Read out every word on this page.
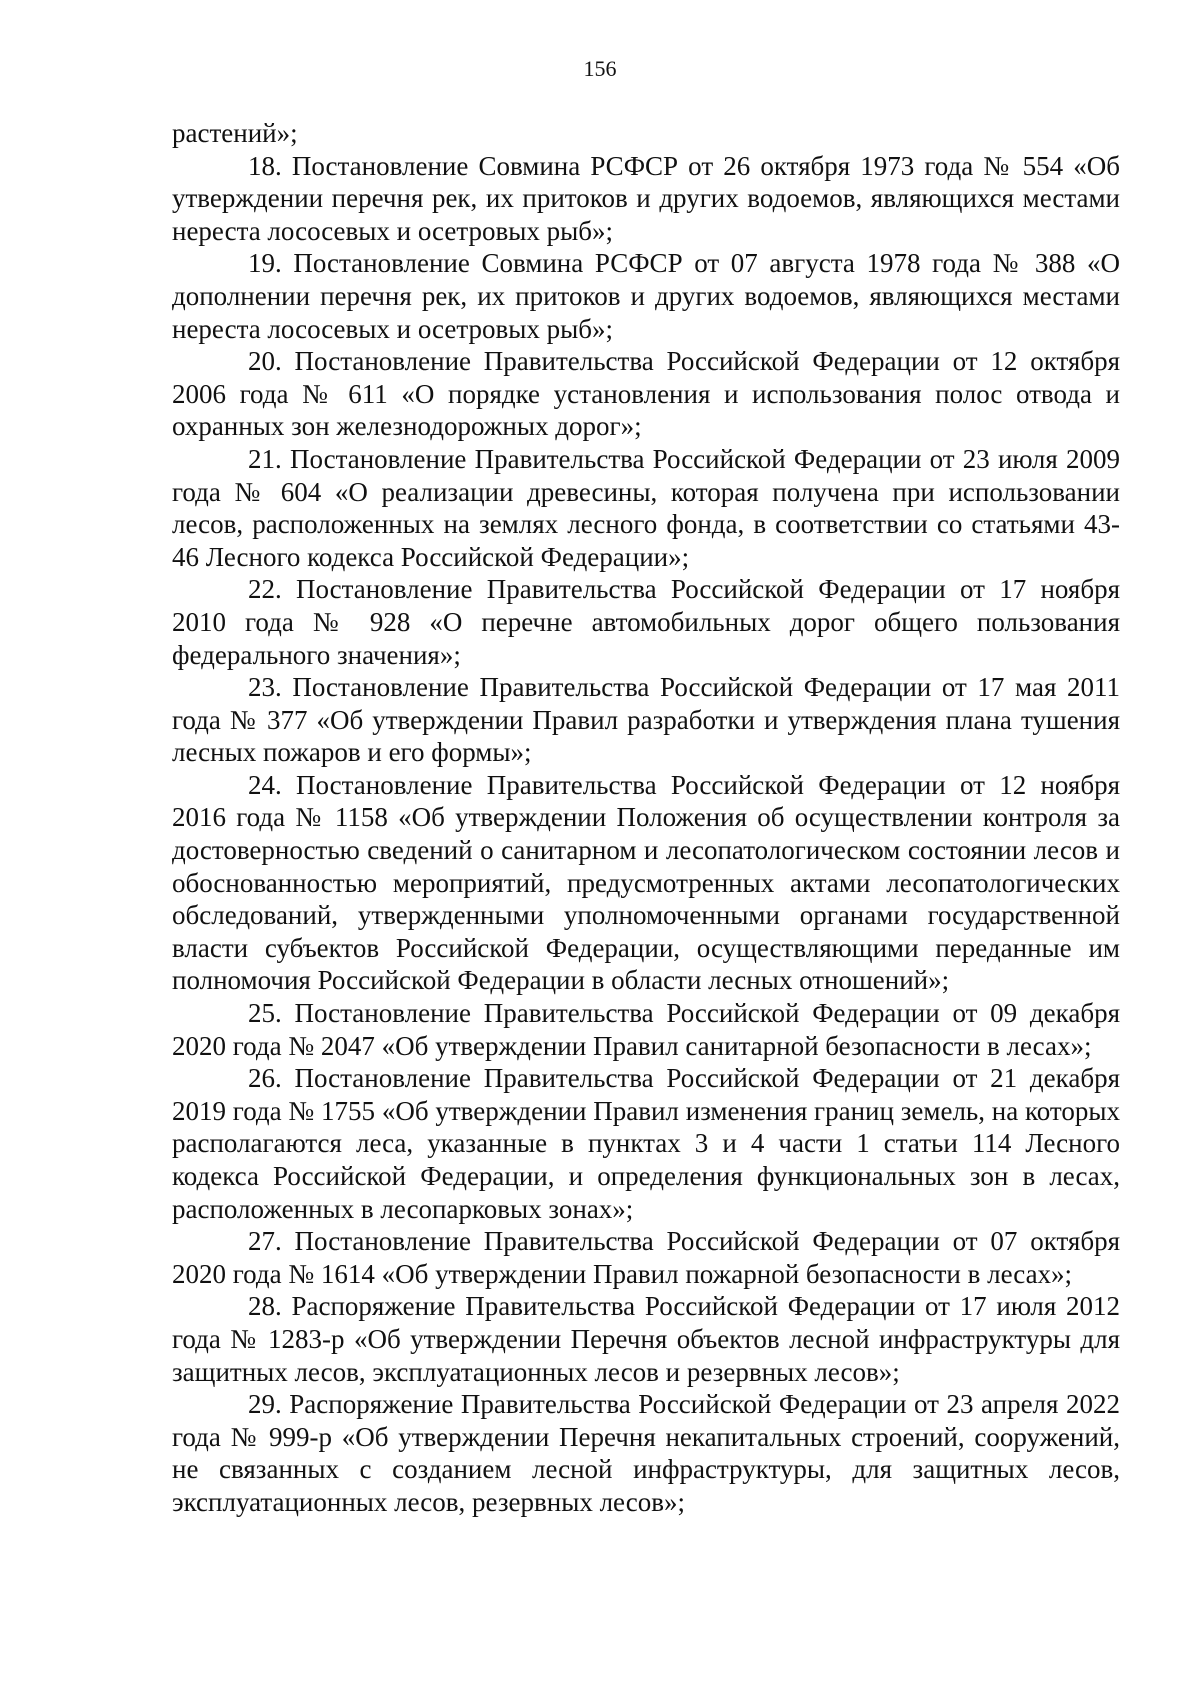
156

растений»;

18. Постановление Совмина РСФСР от 26 октября 1973 года № 554 «Об утверждении перечня рек, их притоков и других водоемов, являющихся местами нереста лососевых и осетровых рыб»;

19. Постановление Совмина РСФСР от 07 августа 1978 года № 388 «О дополнении перечня рек, их притоков и других водоемов, являющихся местами нереста лососевых и осетровых рыб»;

20. Постановление Правительства Российской Федерации от 12 октября 2006 года № 611 «О порядке установления и использования полос отвода и охранных зон железнодорожных дорог»;

21. Постановление Правительства Российской Федерации от 23 июля 2009 года № 604 «О реализации древесины, которая получена при использовании лесов, расположенных на землях лесного фонда, в соответствии со статьями 43-46 Лесного кодекса Российской Федерации»;

22. Постановление Правительства Российской Федерации от 17 ноября 2010 года № 928 «О перечне автомобильных дорог общего пользования федерального значения»;

23. Постановление Правительства Российской Федерации от 17 мая 2011 года № 377 «Об утверждении Правил разработки и утверждения плана тушения лесных пожаров и его формы»;

24. Постановление Правительства Российской Федерации от 12 ноября 2016 года № 1158 «Об утверждении Положения об осуществлении контроля за достоверностью сведений о санитарном и лесопатологическом состоянии лесов и обоснованностью мероприятий, предусмотренных актами лесопатологических обследований, утвержденными уполномоченными органами государственной власти субъектов Российской Федерации, осуществляющими переданные им полномочия Российской Федерации в области лесных отношений»;

25. Постановление Правительства Российской Федерации от 09 декабря 2020 года № 2047 «Об утверждении Правил санитарной безопасности в лесах»;

26. Постановление Правительства Российской Федерации от 21 декабря 2019 года № 1755 «Об утверждении Правил изменения границ земель, на которых располагаются леса, указанные в пунктах 3 и 4 части 1 статьи 114 Лесного кодекса Российской Федерации, и определения функциональных зон в лесах, расположенных в лесопарковых зонах»;

27. Постановление Правительства Российской Федерации от 07 октября 2020 года № 1614 «Об утверждении Правил пожарной безопасности в лесах»;

28. Распоряжение Правительства Российской Федерации от 17 июля 2012 года № 1283-р «Об утверждении Перечня объектов лесной инфраструктуры для защитных лесов, эксплуатационных лесов и резервных лесов»;

29. Распоряжение Правительства Российской Федерации от 23 апреля 2022 года № 999-р «Об утверждении Перечня некапитальных строений, сооружений, не связанных с созданием лесной инфраструктуры, для защитных лесов, эксплуатационных лесов, резервных лесов»;
